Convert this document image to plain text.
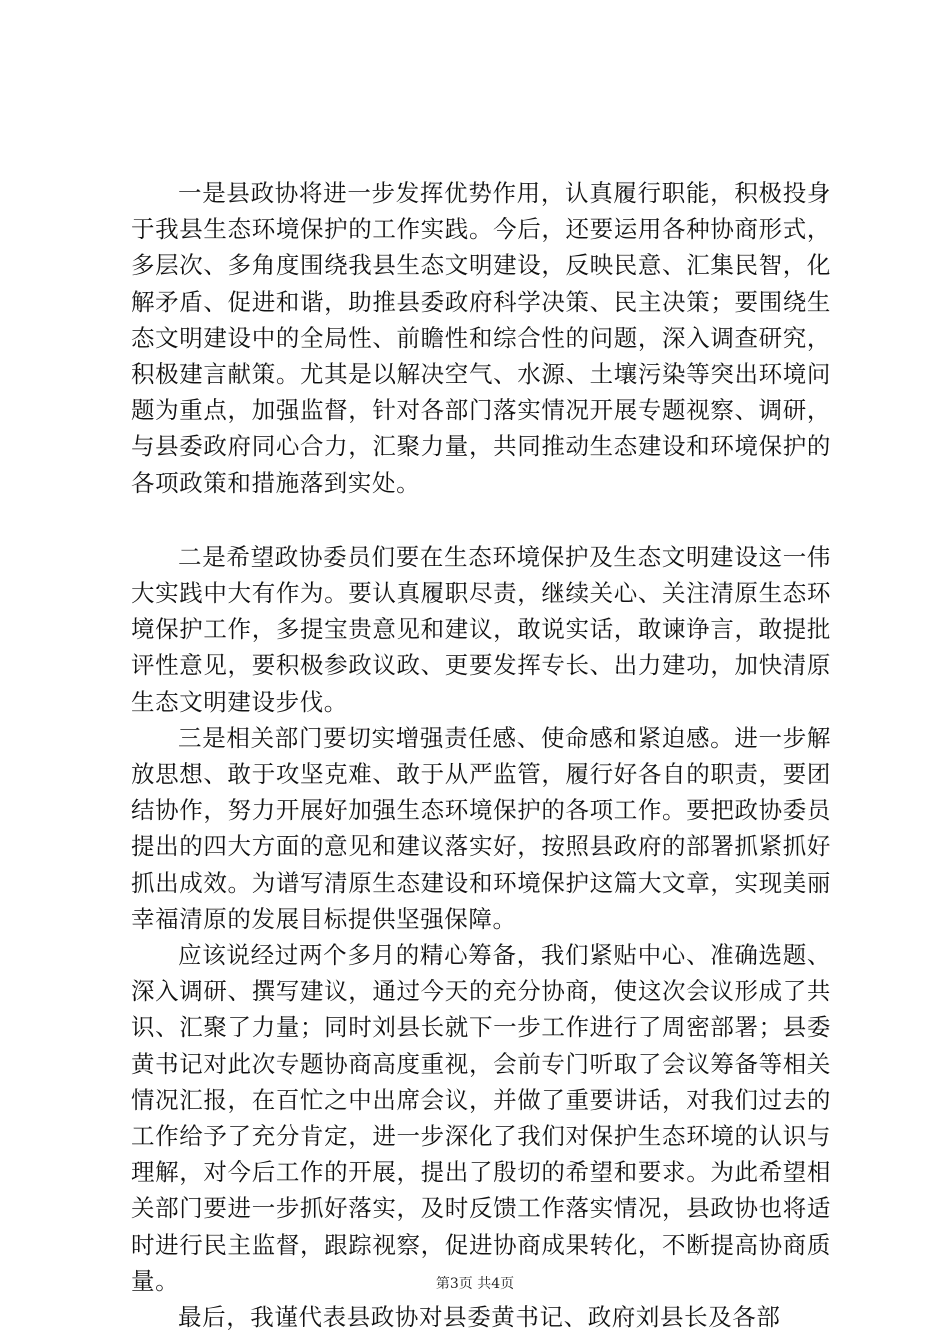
一是县政协将进一步发挥优势作用，认真履行职能，积极投身于我县生态环境保护的工作实践。今后，还要运用各种协商形式，多层次、多角度围绕我县生态文明建设，反映民意、汇集民智，化解矛盾、促进和谐，助推县委政府科学决策、民主决策；要围绕生态文明建设中的全局性、前瞻性和综合性的问题，深入调查研究，积极建言献策。尤其是以解决空气、水源、土壤污染等突出环境问题为重点，加强监督，针对各部门落实情况开展专题视察、调研，与县委政府同心合力，汇聚力量，共同推动生态建设和环境保护的各项政策和措施落到实处。

二是希望政协委员们要在生态环境保护及生态文明建设这一伟大实践中大有作为。要认真履职尽责，继续关心、关注清原生态环境保护工作，多提宝贵意见和建议，敢说实话，敢谏诤言，敢提批评性意见，要积极参政议政、更要发挥专长、出力建功，加快清原生态文明建设步伐。

三是相关部门要切实增强责任感、使命感和紧迫感。进一步解放思想、敢于攻坚克难、敢于从严监管，履行好各自的职责，要团结协作，努力开展好加强生态环境保护的各项工作。要把政协委员提出的四大方面的意见和建议落实好，按照县政府的部署抓紧抓好抓出成效。为谱写清原生态建设和环境保护这篇大文章，实现美丽幸福清原的发展目标提供坚强保障。

应该说经过两个多月的精心筹备，我们紧贴中心、准确选题、深入调研、撰写建议，通过今天的充分协商，使这次会议形成了共识、汇聚了力量；同时刘县长就下一步工作进行了周密部署；县委黄书记对此次专题协商高度重视，会前专门听取了会议筹备等相关情况汇报，在百忙之中出席会议，并做了重要讲话，对我们过去的工作给予了充分肯定，进一步深化了我们对保护生态环境的认识与理解，对今后工作的开展，提出了殷切的希望和要求。为此希望相关部门要进一步抓好落实，及时反馈工作落实情况，县政协也将适时进行民主监督，跟踪视察，促进协商成果转化，不断提高协商质量。

最后，我谨代表县政协对县委黄书记、政府刘县长及各部

第3页 共4页
